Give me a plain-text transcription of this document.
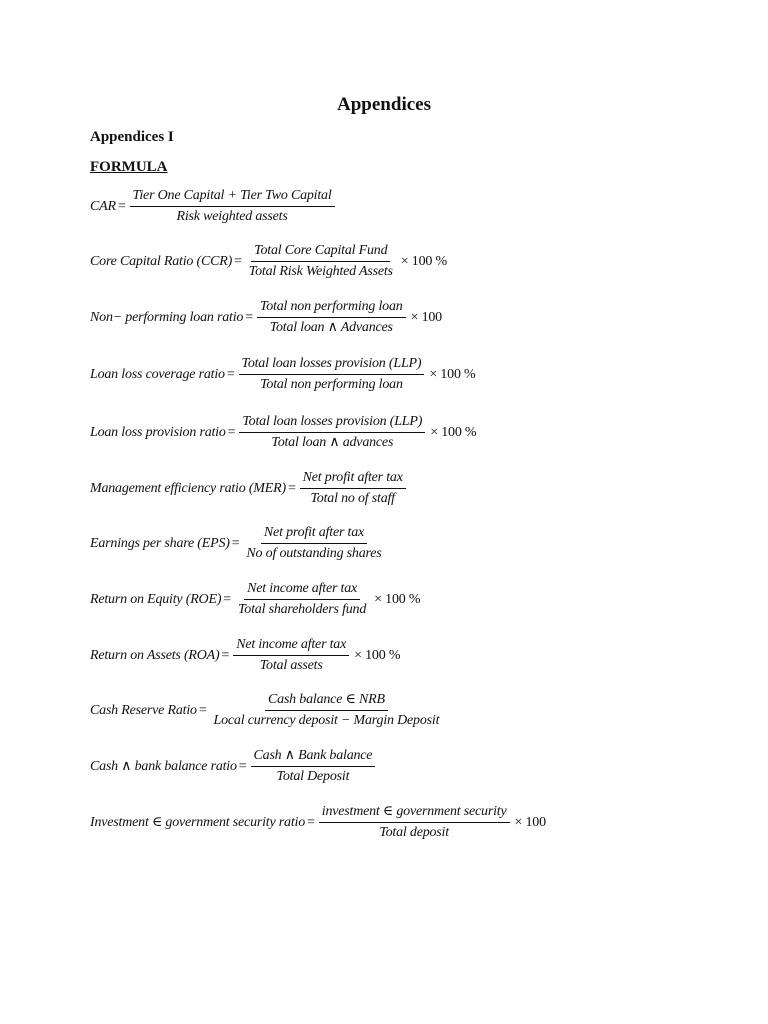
Appendices
Appendices I
FORMULA
CAR = $\frac{\text{Tier One Capital + Tier Two Capital}}{\text{Risk weighted assets}}$
Core Capital Ratio $(CCR) = \frac{\text{Total Core Capital Fund}}{\text{Total Risk Weighted Assets}} \times 100$ %
Non− performing loan ratio = $\frac{\text{Total non performing loan}}{\text{Total loan ∧ Advances}} \times 100$
Loan loss coverage ratio = $\frac{\text{Total loan losses provision (LLP)}}{\text{Total non performing loan}} \times 100$ %
Loan loss provision ratio = $\frac{\text{Total loan losses provision (LLP)}}{\text{Total loan ∧ advances}} \times 100$ %
Management efficiency ratio $(MER) = \frac{\text{Net profit after tax}}{\text{Total no of staff}}$
Earnings per share $(EPS) = \frac{\text{Net profit after tax}}{\text{No of outstanding shares}}$
Return on Equity $(ROE) = \frac{\text{Net income after tax}}{\text{Total shareholders fund}} \times 100$ %
Return on Assets $(ROA) = \frac{\text{Net income after tax}}{\text{Total assets}} \times 100$ %
Cash Reserve Ratio = $\frac{\text{Cash balance ∈ NRB}}{\text{Local currency deposit − Margin Deposit}}$
Cash ∧ bank balance ratio = $\frac{\text{Cash ∧ Bank balance}}{\text{Total Deposit}}$
Investment ∈ government security ratio = $\frac{\text{investment ∈ government security}}{\text{Total deposit}} \times 100$
